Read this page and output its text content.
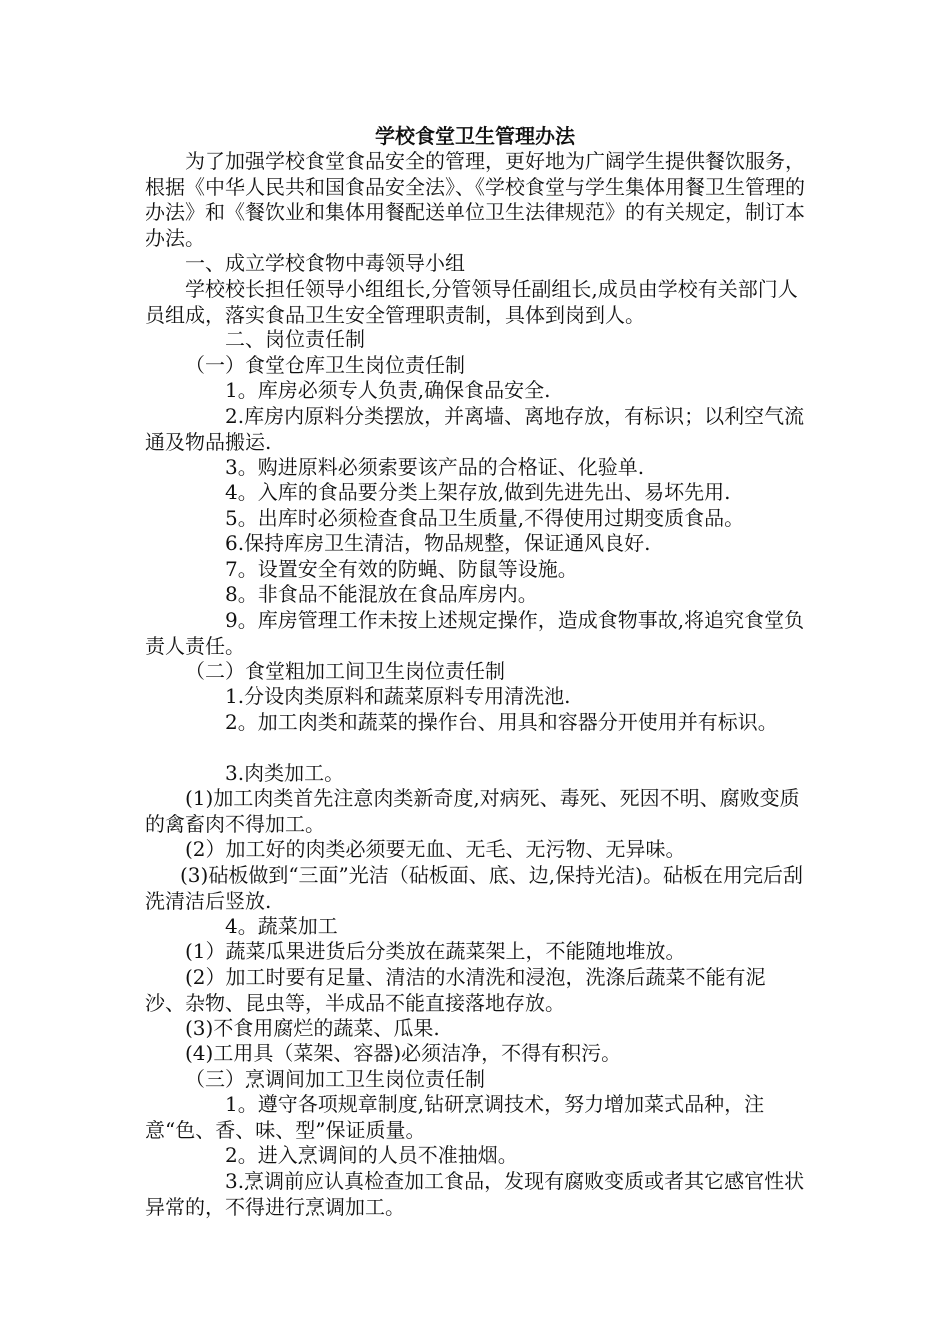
学校食堂卫生管理办法
为了加强学校食堂食品安全的管理，更好地为广阔学生提供餐饮服务，根据《中华人民共和国食品安全法》、《学校食堂与学生集体用餐卫生管理的办法》和《餐饮业和集体用餐配送单位卫生法律规范》的有关规定，制订本办法。
一、成立学校食物中毒领导小组
学校校长担任领导小组组长,分管领导任副组长,成员由学校有关部门人员组成，落实食品卫生安全管理职责制，具体到岗到人。
二、岗位责任制
（一）食堂仓库卫生岗位责任制
1。库房必须专人负责,确保食品安全.
2.库房内原料分类摆放，并离墙、离地存放，有标识；以利空气流通及物品搬运.
3。购进原料必须索要该产品的合格证、化验单.
4。入库的食品要分类上架存放,做到先进先出、易坏先用.
5。出库时必须检查食品卫生质量,不得使用过期变质食品。
6.保持库房卫生清洁，物品规整，保证通风良好.
7。设置安全有效的防蝇、防鼠等设施。
8。非食品不能混放在食品库房内。
9。库房管理工作未按上述规定操作，造成食物事故,将追究食堂负责人责任。
（二）食堂粗加工间卫生岗位责任制
1.分设肉类原料和蔬菜原料专用清洗池.
2。加工肉类和蔬菜的操作台、用具和容器分开使用并有标识。
3.肉类加工。
(1)加工肉类首先注意肉类新奇度,对病死、毒死、死因不明、腐败变质的禽畜肉不得加工。
(2）加工好的肉类必须要无血、无毛、无污物、无异味。
(3)砧板做到“三面”光洁（砧板面、底、边,保持光洁)。砧板在用完后刮洗清洁后竖放.
4。蔬菜加工
(1）蔬菜瓜果进货后分类放在蔬菜架上，不能随地堆放。
(2）加工时要有足量、清洁的水清洗和浸泡，洗涤后蔬菜不能有泥沙、杂物、昆虫等，半成品不能直接落地存放。
(3)不食用腐烂的蔬菜、瓜果.
(4)工用具（菜架、容器)必须洁净，不得有积污。
（三）烹调间加工卫生岗位责任制
1。遵守各项规章制度,钻研烹调技术，努力增加菜式品种，注意“色、香、味、型”保证质量。
2。进入烹调间的人员不准抽烟。
3.烹调前应认真检查加工食品，发现有腐败变质或者其它感官性状异常的，不得进行烹调加工。
